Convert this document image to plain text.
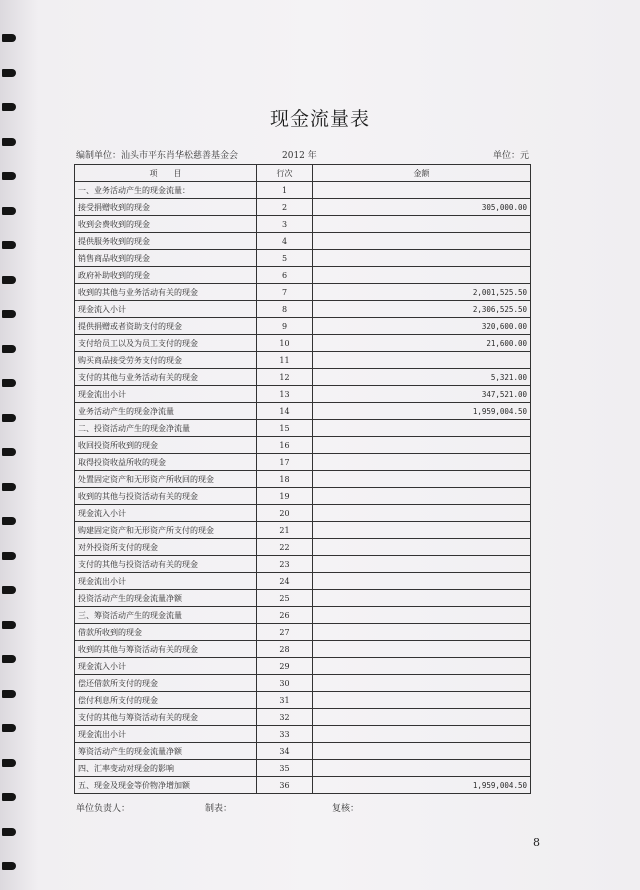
现金流量表
编制单位：汕头市平东肖华松慈善基金会	2012 年	单位：元
项　　目	行次	金额
一、业务活动产生的现金流量：	1	
接受捐赠收到的现金	2	305,000.00
收到会费收到的现金	3	
提供服务收到的现金	4	
销售商品收到的现金	5	
政府补助收到的现金	6	
收到的其他与业务活动有关的现金	7	2,001,525.50
现金流入小计	8	2,306,525.50
提供捐赠或者资助支付的现金	9	320,600.00
支付给员工以及为员工支付的现金	10	21,600.00
购买商品接受劳务支付的现金	11	
支付的其他与业务活动有关的现金	12	5,321.00
现金流出小计	13	347,521.00
业务活动产生的现金净流量	14	1,959,004.50
二、投资活动产生的现金净流量	15	
收回投资所收到的现金	16	
取得投资收益所收的现金	17	
处置固定资产和无形资产所收回的现金	18	
收到的其他与投资活动有关的现金	19	
现金流入小计	20	
购建固定资产和无形资产所支付的现金	21	
对外投资所支付的现金	22	
支付的其他与投资活动有关的现金	23	
现金流出小计	24	
投资活动产生的现金流量净额	25	
三、筹资活动产生的现金流量	26	
借款所收到的现金	27	
收到的其他与筹资活动有关的现金	28	
现金流入小计	29	
偿还借款所支付的现金	30	
偿付利息所支付的现金	31	
支付的其他与筹资活动有关的现金	32	
现金流出小计	33	
筹资活动产生的现金流量净额	34	
四、汇率变动对现金的影响	35	
五、现金及现金等价物净增加额	36	1,959,004.50
单位负责人：	制表：	复核：
8
